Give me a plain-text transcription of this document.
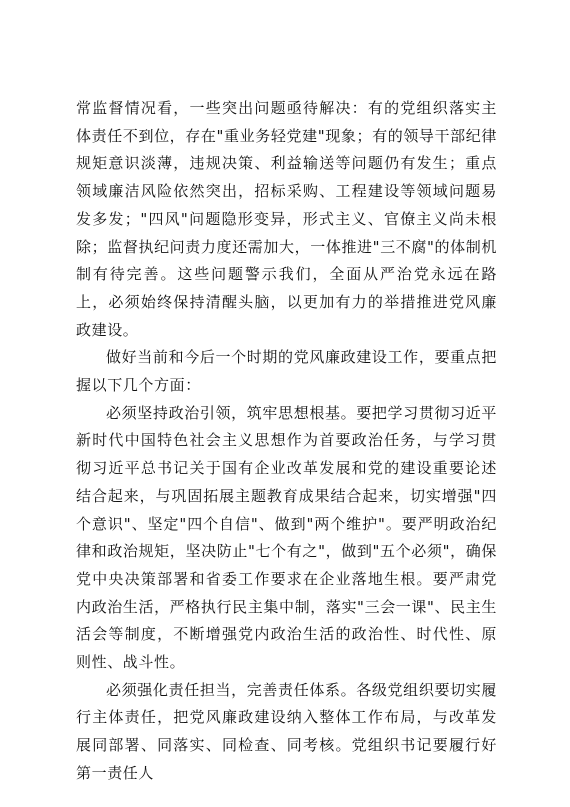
常监督情况看，一些突出问题亟待解决：有的党组织落实主体责任不到位，存在"重业务轻党建"现象；有的领导干部纪律规矩意识淡薄，违规决策、利益输送等问题仍有发生；重点领域廉洁风险依然突出，招标采购、工程建设等领域问题易发多发；"四风"问题隐形变异，形式主义、官僚主义尚未根除；监督执纪问责力度还需加大，一体推进"三不腐"的体制机制有待完善。这些问题警示我们，全面从严治党永远在路上，必须始终保持清醒头脑，以更加有力的举措推进党风廉政建设。

做好当前和今后一个时期的党风廉政建设工作，要重点把握以下几个方面：

必须坚持政治引领，筑牢思想根基。要把学习贯彻习近平新时代中国特色社会主义思想作为首要政治任务，与学习贯彻习近平总书记关于国有企业改革发展和党的建设重要论述结合起来，与巩固拓展主题教育成果结合起来，切实增强"四个意识"、坚定"四个自信"、做到"两个维护"。要严明政治纪律和政治规矩，坚决防止"七个有之"，做到"五个必须"，确保党中央决策部署和省委工作要求在企业落地生根。要严肃党内政治生活，严格执行民主集中制，落实"三会一课"、民主生活会等制度，不断增强党内政治生活的政治性、时代性、原则性、战斗性。

必须强化责任担当，完善责任体系。各级党组织要切实履行主体责任，把党风廉政建设纳入整体工作布局，与改革发展同部署、同落实、同检查、同考核。党组织书记要履行好第一责任人
